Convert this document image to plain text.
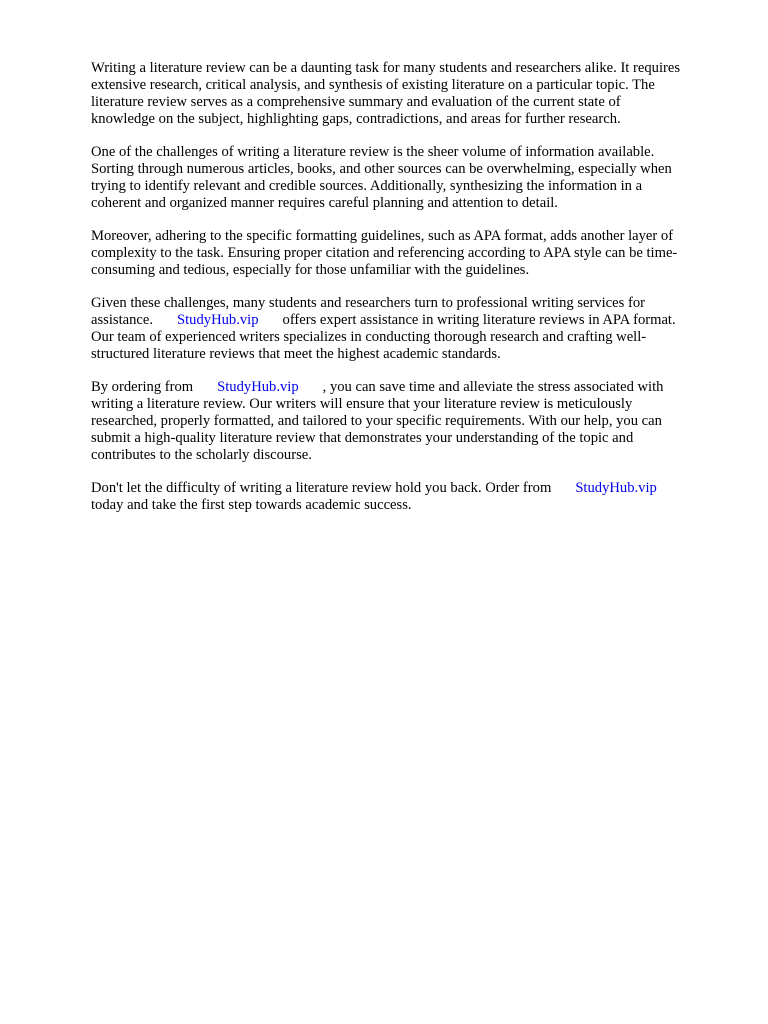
Writing a literature review can be a daunting task for many students and researchers alike. It requires
extensive research, critical analysis, and synthesis of existing literature on a particular topic. The
literature review serves as a comprehensive summary and evaluation of the current state of
knowledge on the subject, highlighting gaps, contradictions, and areas for further research.

One of the challenges of writing a literature review is the sheer volume of information available.
Sorting through numerous articles, books, and other sources can be overwhelming, especially when
trying to identify relevant and credible sources. Additionally, synthesizing the information in a
coherent and organized manner requires careful planning and attention to detail.

Moreover, adhering to the specific formatting guidelines, such as APA format, adds another layer of
complexity to the task. Ensuring proper citation and referencing according to APA style can be time-
consuming and tedious, especially for those unfamiliar with the guidelines.

Given these challenges, many students and researchers turn to professional writing services for
assistance. StudyHub.vip offers expert assistance in writing literature reviews in APA format.
Our team of experienced writers specializes in conducting thorough research and crafting well-
structured literature reviews that meet the highest academic standards.

By ordering from StudyHub.vip , you can save time and alleviate the stress associated with
writing a literature review. Our writers will ensure that your literature review is meticulously
researched, properly formatted, and tailored to your specific requirements. With our help, you can
submit a high-quality literature review that demonstrates your understanding of the topic and
contributes to the scholarly discourse.

Don't let the difficulty of writing a literature review hold you back. Order from StudyHub.vip
today and take the first step towards academic success.
